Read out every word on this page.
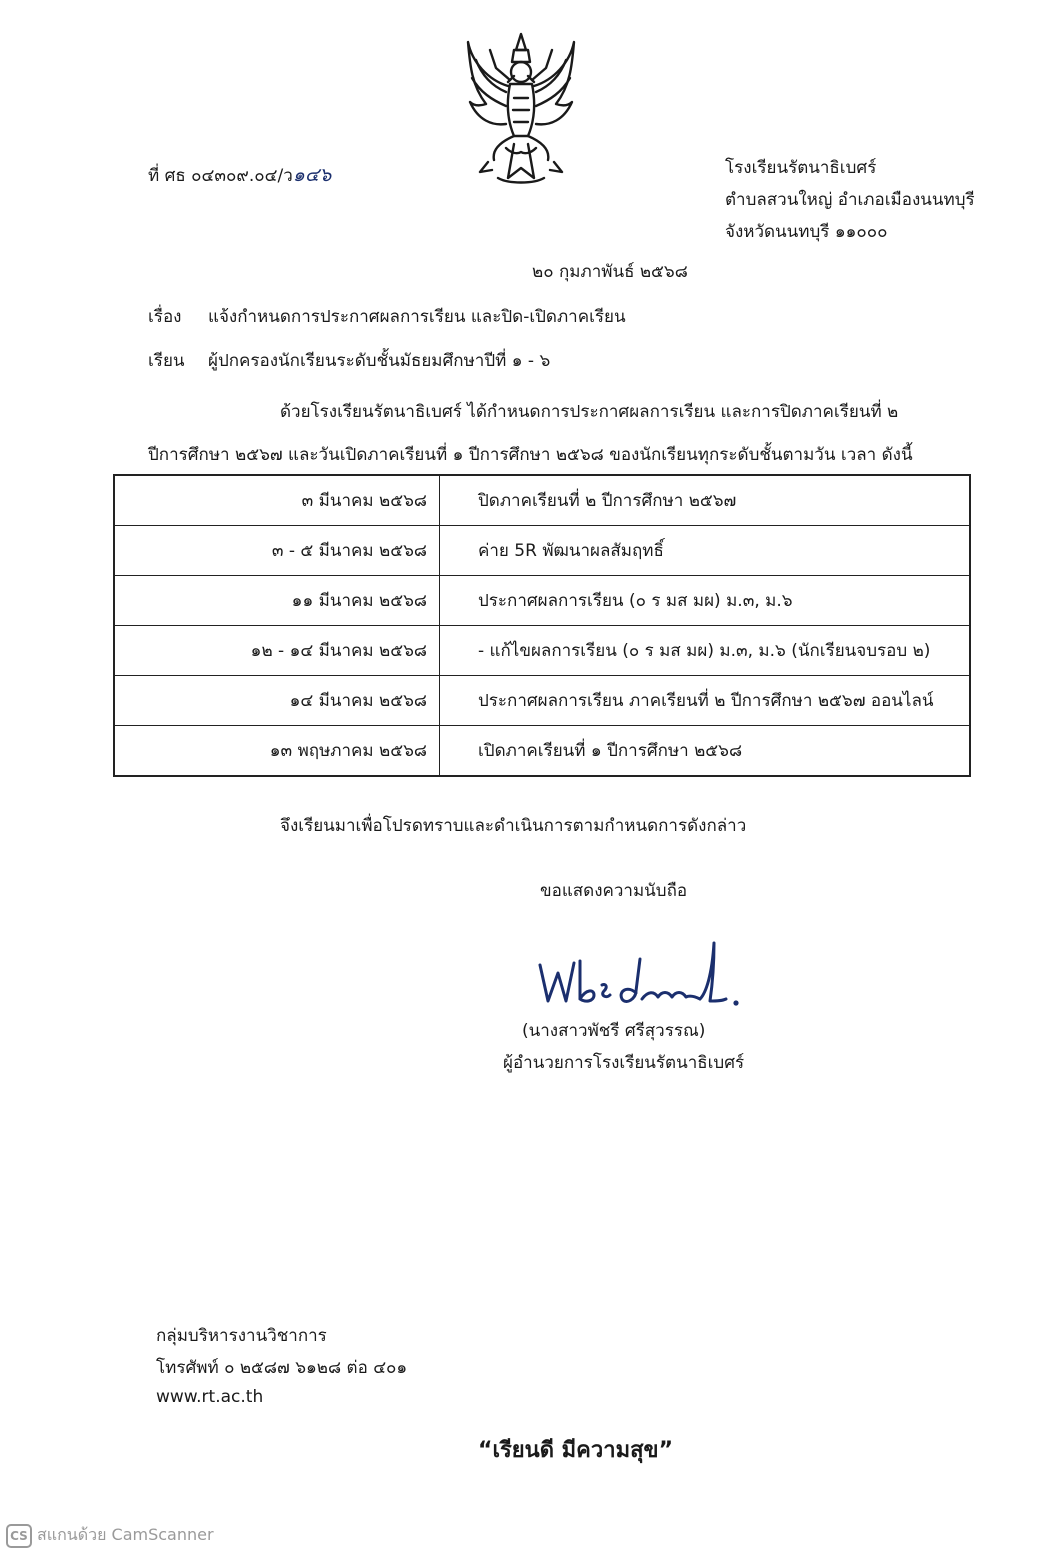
ที่ ศธ ๐๔๓๐๙.๐๔/ว๑๔๖	โรงเรียนรัตนาธิเบศร์
ตำบลสวนใหญ่ อำเภอเมืองนนทบุรี
จังหวัดนนทบุรี ๑๑๐๐๐
๒๐ กุมภาพันธ์ ๒๕๖๘
เรื่อง แจ้งกำหนดการประกาศผลการเรียน และปิด-เปิดภาคเรียน
เรียน ผู้ปกครองนักเรียนระดับชั้นมัธยมศึกษาปีที่ ๑ - ๖
ด้วยโรงเรียนรัตนาธิเบศร์ ได้กำหนดการประกาศผลการเรียน และการปิดภาคเรียนที่ ๒
ปีการศึกษา ๒๕๖๗ และวันเปิดภาคเรียนที่ ๑ ปีการศึกษา ๒๕๖๘ ของนักเรียนทุกระดับชั้นตามวัน เวลา ดังนี้
๓ มีนาคม ๒๕๖๘	ปิดภาคเรียนที่ ๒ ปีการศึกษา ๒๕๖๗
๓ - ๕ มีนาคม ๒๕๖๘	ค่าย 5R พัฒนาผลสัมฤทธิ์
๑๑ มีนาคม ๒๕๖๘	ประกาศผลการเรียน (๐ ร มส มผ) ม.๓, ม.๖
๑๒ - ๑๔ มีนาคม ๒๕๖๘	- แก้ไขผลการเรียน (๐ ร มส มผ) ม.๓, ม.๖ (นักเรียนจบรอบ ๒)
๑๔ มีนาคม ๒๕๖๘	ประกาศผลการเรียน ภาคเรียนที่ ๒ ปีการศึกษา ๒๕๖๗ ออนไลน์
๑๓ พฤษภาคม ๒๕๖๘	เปิดภาคเรียนที่ ๑ ปีการศึกษา ๒๕๖๘
จึงเรียนมาเพื่อโปรดทราบและดำเนินการตามกำหนดการดังกล่าว
ขอแสดงความนับถือ
(นางสาวพัชรี ศรีสุวรรณ)
ผู้อำนวยการโรงเรียนรัตนาธิเบศร์
กลุ่มบริหารงานวิชาการ
โทรศัพท์ ๐ ๒๕๘๗ ๖๑๒๘ ต่อ ๔๐๑
www.rt.ac.th
“เรียนดี มีความสุข”
CS สแกนด้วย CamScanner
